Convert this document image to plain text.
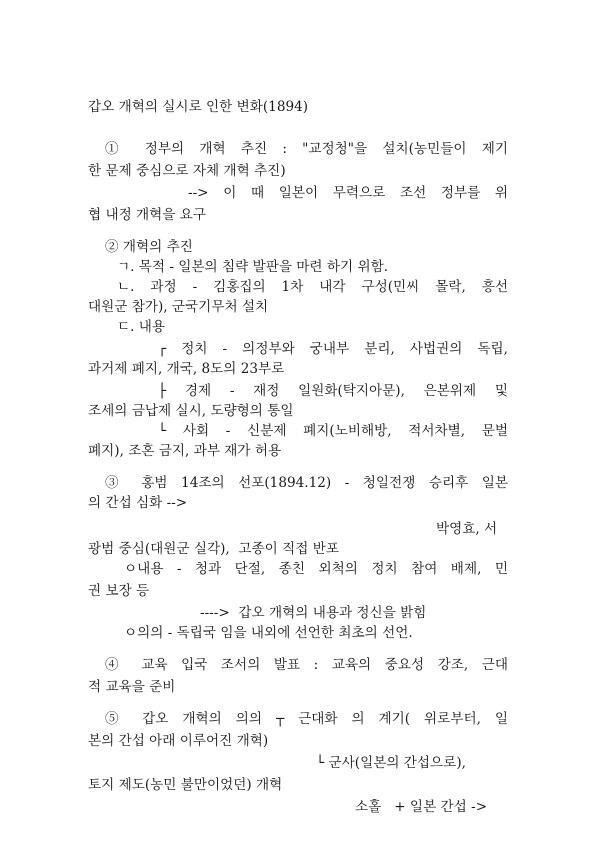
갑오 개혁의 실시로 인한 변화(1894)
① 정부의 개혁 추진 : "교정청"을 설치(농민들이 제기
한 문제 중심으로 자체 개혁 추진)
--> 이 때 일본이 무력으로 조선 정부를 위
협 내정 개혁을 요구
② 개혁의 추진
ㄱ. 목적 - 일본의 침략 발판을 마련 하기 위함.
ㄴ. 과정 - 김홍집의 1차 내각 구성(민씨 몰락, 흥선
대원군 참가), 군국기무처 설치
ㄷ. 내용
┌ 정치 - 의정부와 궁내부 분리, 사법권의 독립,
과거제 폐지, 개국, 8도의 23부로
├ 경제 - 재정 일원화(탁지아문), 은본위제 및
조세의 금납제 실시, 도량형의 통일
└ 사회 - 신분제 폐지(노비해방, 적서차별, 문벌
폐지), 조혼 금지, 과부 재가 허용
③ 홍범 14조의 선포(1894.12) - 청일전쟁 승리후 일본
의 간섭 심화 -->
박영효, 서
광범 중심(대원군 실각),  고종이 직접 반포
ㅇ내용 - 청과 단절, 종친 외척의 정치 참여 배제, 민
권 보장 등
---->  갑오 개혁의 내용과 정신을 밝힘
ㅇ의의 - 독립국 임을 내외에 선언한 최초의 선언.
④ 교육 입국 조서의 발표 : 교육의 중요성 강조, 근대
적 교육을 준비
⑤ 갑오 개혁의 의의 ┬ 근대화 의 계기( 위로부터, 일
본의 간섭 아래 이루어진 개혁)
└ 군사(일본의 간섭으로),
토지 제도(농민 불만이었던) 개혁
소홀   + 일본 간섭 ->
